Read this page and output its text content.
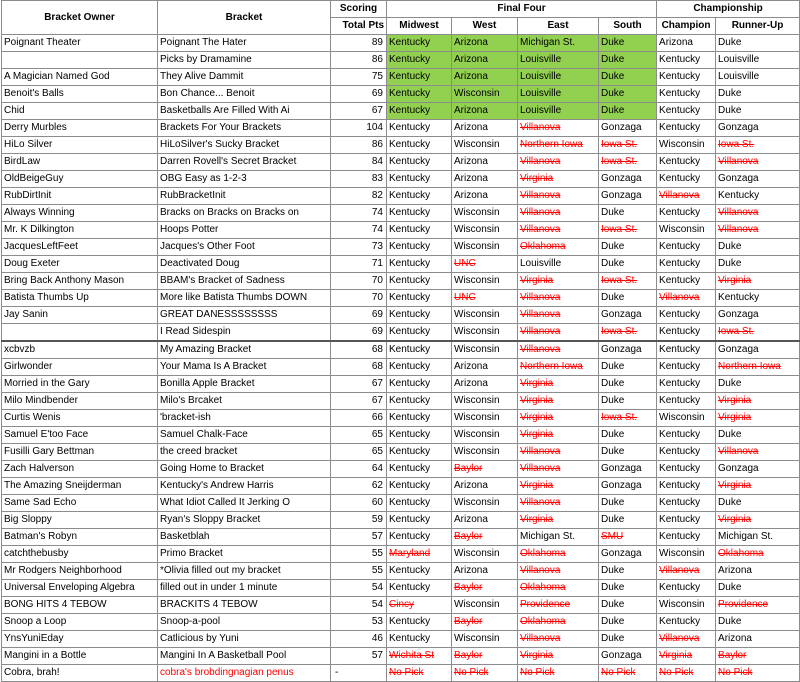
Bracket Owner	Bracket	Scoring	Final Four				Championship	
		Total Pts	Midwest	West	East	South	Champion	Runner-Up
Poignant Theater	Poignant The Hater	89	Kentucky	Arizona	Michigan St.	Duke	Arizona	Duke
	Picks by Dramamine	86	Kentucky	Arizona	Louisville	Duke	Kentucky	Louisville
A Magician Named God	They Alive Dammit	75	Kentucky	Arizona	Louisville	Duke	Kentucky	Louisville
Benoit's Balls	Bon Chance... Benoit	69	Kentucky	Wisconsin	Louisville	Duke	Kentucky	Duke
Chid	Basketballs Are Filled With Ai	67	Kentucky	Arizona	Louisville	Duke	Kentucky	Duke
Derry Murbles	Brackets For Your Brackets	104	Kentucky	Arizona	Villanova	Gonzaga	Kentucky	Gonzaga
HiLo Silver	HiLoSilver's Sucky Bracket	86	Kentucky	Wisconsin	Northern Iowa	Iowa St.	Wisconsin	Iowa St.
BirdLaw	Darren Rovell's Secret Bracket	84	Kentucky	Arizona	Villanova	Iowa St.	Kentucky	Villanova
OldBeigeGuy	OBG Easy as 1-2-3	83	Kentucky	Arizona	Virginia	Gonzaga	Kentucky	Gonzaga
RubDirtInit	RubBracketInit	82	Kentucky	Arizona	Villanova	Gonzaga	Villanova	Kentucky
Always Winning	Bracks on Bracks on Bracks on	74	Kentucky	Wisconsin	Villanova	Duke	Kentucky	Villanova
Mr. K Dilkington	Hoops Potter	74	Kentucky	Wisconsin	Villanova	Iowa St.	Wisconsin	Villanova
JacquesLeftFeet	Jacques's Other Foot	73	Kentucky	Wisconsin	Oklahoma	Duke	Kentucky	Duke
Doug Exeter	Deactivated Doug	71	Kentucky	UNC	Louisville	Duke	Kentucky	Duke
Bring Back Anthony Mason	BBAM's Bracket of Sadness	70	Kentucky	Wisconsin	Virginia	Iowa St.	Kentucky	Virginia
Batista Thumbs Up	More like Batista Thumbs DOWN	70	Kentucky	UNC	Villanova	Duke	Villanova	Kentucky
Jay Sanin	GREAT DANESSSSSSSS	69	Kentucky	Wisconsin	Villanova	Gonzaga	Kentucky	Gonzaga
	I Read Sidespin	69	Kentucky	Wisconsin	Villanova	Iowa St.	Kentucky	Iowa St.
xcbvzb	My Amazing Bracket	68	Kentucky	Wisconsin	Villanova	Gonzaga	Kentucky	Gonzaga
Girlwonder	Your Mama Is A Bracket	68	Kentucky	Arizona	Northern Iowa	Duke	Kentucky	Northern Iowa
Morried in the Gary	Bonilla Apple Bracket	67	Kentucky	Arizona	Virginia	Duke	Kentucky	Duke
Milo Mindbender	Milo's Brcaket	67	Kentucky	Wisconsin	Virginia	Duke	Kentucky	Virginia
Curtis Wenis	'bracket-ish	66	Kentucky	Wisconsin	Virginia	Iowa St.	Wisconsin	Virginia
Samuel E'too Face	Samuel Chalk-Face	65	Kentucky	Wisconsin	Virginia	Duke	Kentucky	Duke
Fusilli Gary Bettman	the creed bracket	65	Kentucky	Wisconsin	Villanova	Duke	Kentucky	Villanova
Zach Halverson	Going Home to Bracket	64	Kentucky	Baylor	Villanova	Gonzaga	Kentucky	Gonzaga
The Amazing Sneijderman	Kentucky's Andrew Harris	62	Kentucky	Arizona	Virginia	Gonzaga	Kentucky	Virginia
Same Sad Echo	What Idiot Called It Jerking O	60	Kentucky	Wisconsin	Villanova	Duke	Kentucky	Duke
Big Sloppy	Ryan's Sloppy Bracket	59	Kentucky	Arizona	Virginia	Duke	Kentucky	Virginia
Batman's Robyn	Basketblah	57	Kentucky	Baylor	Michigan St.	SMU	Kentucky	Michigan St.
catchthebusby	Primo Bracket	55	Maryland	Wisconsin	Oklahoma	Gonzaga	Wisconsin	Oklahoma
Mr Rodgers Neighborhood	*Olivia filled out my bracket	55	Kentucky	Arizona	Villanova	Duke	Villanova	Arizona
Universal Enveloping Algebra	filled out in under 1 minute	54	Kentucky	Baylor	Oklahoma	Duke	Kentucky	Duke
BONG HITS 4 TEBOW	BRACKITS 4 TEBOW	54	Cincy	Wisconsin	Providence	Duke	Wisconsin	Providence
Snoop a Loop	Snoop-a-pool	53	Kentucky	Baylor	Oklahoma	Duke	Kentucky	Duke
YnsYuniEday	Catlicious by Yuni	46	Kentucky	Wisconsin	Villanova	Duke	Villanova	Arizona
Mangini in a Bottle	Mangini In A Basketball Pool	57	Wichita St	Baylor	Virginia	Gonzaga	Virginia	Baylor
Cobra, brah!	cobra's brobdingnagian penus	-	No Pick	No Pick	No Pick	No Pick	No Pick	No Pick
